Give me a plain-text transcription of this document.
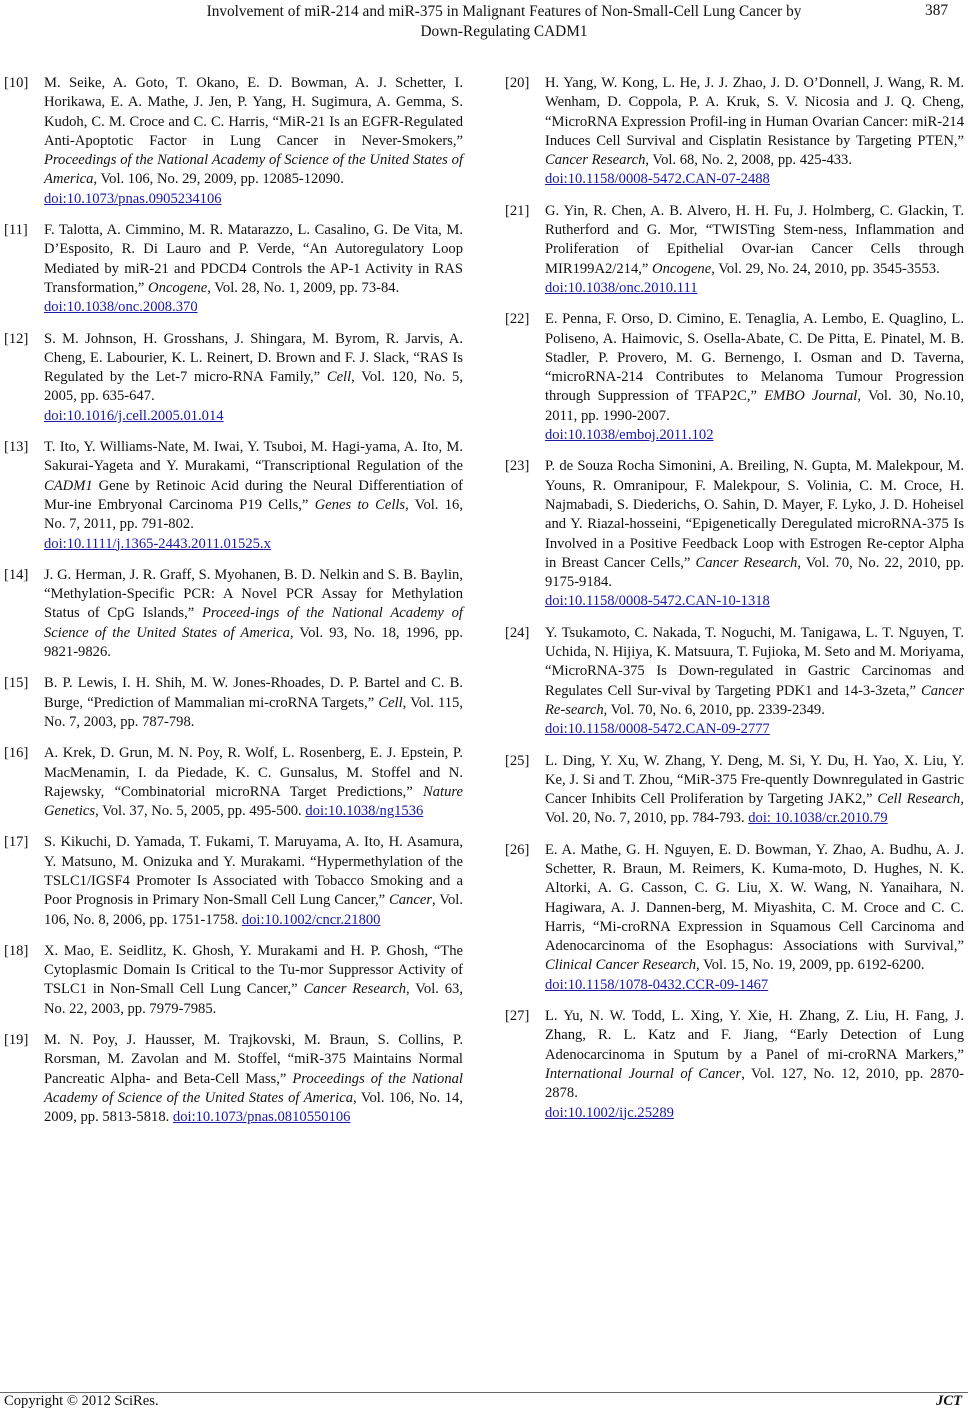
Involvement of miR-214 and miR-375 in Malignant Features of Non-Small-Cell Lung Cancer by
Down-Regulating CADM1
387
[10] M. Seike, A. Goto, T. Okano, E. D. Bowman, A. J. Schetter, I. Horikawa, E. A. Mathe, J. Jen, P. Yang, H. Sugimura, A. Gemma, S. Kudoh, C. M. Croce and C. C. Harris, “MiR-21 Is an EGFR-Regulated Anti-Apoptotic Factor in Lung Cancer in Never-Smokers,” Proceedings of the National Academy of Science of the United States of America, Vol. 106, No. 29, 2009, pp. 12085-12090.
doi:10.1073/pnas.0905234106
[11] F. Talotta, A. Cimmino, M. R. Matarazzo, L. Casalino, G. De Vita, M. D’Esposito, R. Di Lauro and P. Verde, “An Autoregulatory Loop Mediated by miR-21 and PDCD4 Controls the AP-1 Activity in RAS Transformation,” Oncogene, Vol. 28, No. 1, 2009, pp. 73-84.
doi:10.1038/onc.2008.370
[12] S. M. Johnson, H. Grosshans, J. Shingara, M. Byrom, R. Jarvis, A. Cheng, E. Labourier, K. L. Reinert, D. Brown and F. J. Slack, “RAS Is Regulated by the Let-7 micro-RNA Family,” Cell, Vol. 120, No. 5, 2005, pp. 635-647.
doi:10.1016/j.cell.2005.01.014
[13] T. Ito, Y. Williams-Nate, M. Iwai, Y. Tsuboi, M. Hagi-yama, A. Ito, M. Sakurai-Yageta and Y. Murakami, “Transcriptional Regulation of the CADM1 Gene by Retinoic Acid during the Neural Differentiation of Mur-ine Embryonal Carcinoma P19 Cells,” Genes to Cells, Vol. 16, No. 7, 2011, pp. 791-802.
doi:10.1111/j.1365-2443.2011.01525.x
[14] J. G. Herman, J. R. Graff, S. Myohanen, B. D. Nelkin and S. B. Baylin, “Methylation-Specific PCR: A Novel PCR Assay for Methylation Status of CpG Islands,” Proceed-ings of the National Academy of Science of the United States of America, Vol. 93, No. 18, 1996, pp. 9821-9826.
[15] B. P. Lewis, I. H. Shih, M. W. Jones-Rhoades, D. P. Bartel and C. B. Burge, “Prediction of Mammalian mi-croRNA Targets,” Cell, Vol. 115, No. 7, 2003, pp. 787-798.
[16] A. Krek, D. Grun, M. N. Poy, R. Wolf, L. Rosenberg, E. J. Epstein, P. MacMenamin, I. da Piedade, K. C. Gunsalus, M. Stoffel and N. Rajewsky, “Combinatorial microRNA Target Predictions,” Nature Genetics, Vol. 37, No. 5, 2005, pp. 495-500. doi:10.1038/ng1536
[17] S. Kikuchi, D. Yamada, T. Fukami, T. Maruyama, A. Ito, H. Asamura, Y. Matsuno, M. Onizuka and Y. Murakami. “Hypermethylation of the TSLC1/IGSF4 Promoter Is Associated with Tobacco Smoking and a Poor Prognosis in Primary Non-Small Cell Lung Cancer,” Cancer, Vol. 106, No. 8, 2006, pp. 1751-1758. doi:10.1002/cncr.21800
[18] X. Mao, E. Seidlitz, K. Ghosh, Y. Murakami and H. P. Ghosh, “The Cytoplasmic Domain Is Critical to the Tu-mor Suppressor Activity of TSLC1 in Non-Small Cell Lung Cancer,” Cancer Research, Vol. 63, No. 22, 2003, pp. 7979-7985.
[19] M. N. Poy, J. Hausser, M. Trajkovski, M. Braun, S. Collins, P. Rorsman, M. Zavolan and M. Stoffel, “miR-375 Maintains Normal Pancreatic Alpha- and Beta-Cell Mass,” Proceedings of the National Academy of Science of the United States of America, Vol. 106, No. 14, 2009, pp. 5813-5818. doi:10.1073/pnas.0810550106
[20] H. Yang, W. Kong, L. He, J. J. Zhao, J. D. O’Donnell, J. Wang, R. M. Wenham, D. Coppola, P. A. Kruk, S. V. Nicosia and J. Q. Cheng, “MicroRNA Expression Profil-ing in Human Ovarian Cancer: miR-214 Induces Cell Survival and Cisplatin Resistance by Targeting PTEN,” Cancer Research, Vol. 68, No. 2, 2008, pp. 425-433.
doi:10.1158/0008-5472.CAN-07-2488
[21] G. Yin, R. Chen, A. B. Alvero, H. H. Fu, J. Holmberg, C. Glackin, T. Rutherford and G. Mor, “TWISTing Stem-ness, Inflammation and Proliferation of Epithelial Ovar-ian Cancer Cells through MIR199A2/214,” Oncogene, Vol. 29, No. 24, 2010, pp. 3545-3553.
doi:10.1038/onc.2010.111
[22] E. Penna, F. Orso, D. Cimino, E. Tenaglia, A. Lembo, E. Quaglino, L. Poliseno, A. Haimovic, S. Osella-Abate, C. De Pitta, E. Pinatel, M. B. Stadler, P. Provero, M. G. Bernengo, I. Osman and D. Taverna, “microRNA-214 Contributes to Melanoma Tumour Progression through Suppression of TFAP2C,” EMBO Journal, Vol. 30, No.10, 2011, pp. 1990-2007.
doi:10.1038/emboj.2011.102
[23] P. de Souza Rocha Simonini, A. Breiling, N. Gupta, M. Malekpour, M. Youns, R. Omranipour, F. Malekpour, S. Volinia, C. M. Croce, H. Najmabadi, S. Diederichs, O. Sahin, D. Mayer, F. Lyko, J. D. Hoheisel and Y. Riazal-hosseini, “Epigenetically Deregulated microRNA-375 Is Involved in a Positive Feedback Loop with Estrogen Re-ceptor Alpha in Breast Cancer Cells,” Cancer Research, Vol. 70, No. 22, 2010, pp. 9175-9184.
doi:10.1158/0008-5472.CAN-10-1318
[24] Y. Tsukamoto, C. Nakada, T. Noguchi, M. Tanigawa, L. T. Nguyen, T. Uchida, N. Hijiya, K. Matsuura, T. Fujioka, M. Seto and M. Moriyama, “MicroRNA-375 Is Down-regulated in Gastric Carcinomas and Regulates Cell Sur-vival by Targeting PDK1 and 14-3-3zeta,” Cancer Re-search, Vol. 70, No. 6, 2010, pp. 2339-2349.
doi:10.1158/0008-5472.CAN-09-2777
[25] L. Ding, Y. Xu, W. Zhang, Y. Deng, M. Si, Y. Du, H. Yao, X. Liu, Y. Ke, J. Si and T. Zhou, “MiR-375 Fre-quently Downregulated in Gastric Cancer Inhibits Cell Proliferation by Targeting JAK2,” Cell Research, Vol. 20, No. 7, 2010, pp. 784-793. doi: 10.1038/cr.2010.79
[26] E. A. Mathe, G. H. Nguyen, E. D. Bowman, Y. Zhao, A. Budhu, A. J. Schetter, R. Braun, M. Reimers, K. Kuma-moto, D. Hughes, N. K. Altorki, A. G. Casson, C. G. Liu, X. W. Wang, N. Yanaihara, N. Hagiwara, A. J. Dannen-berg, M. Miyashita, C. M. Croce and C. C. Harris, “Mi-croRNA Expression in Squamous Cell Carcinoma and Adenocarcinoma of the Esophagus: Associations with Survival,” Clinical Cancer Research, Vol. 15, No. 19, 2009, pp. 6192-6200.
doi:10.1158/1078-0432.CCR-09-1467
[27] L. Yu, N. W. Todd, L. Xing, Y. Xie, H. Zhang, Z. Liu, H. Fang, J. Zhang, R. L. Katz and F. Jiang, “Early Detection of Lung Adenocarcinoma in Sputum by a Panel of mi-croRNA Markers,” International Journal of Cancer, Vol. 127, No. 12, 2010, pp. 2870-2878.
doi:10.1002/ijc.25289
Copyright © 2012 SciRes.	JCT
